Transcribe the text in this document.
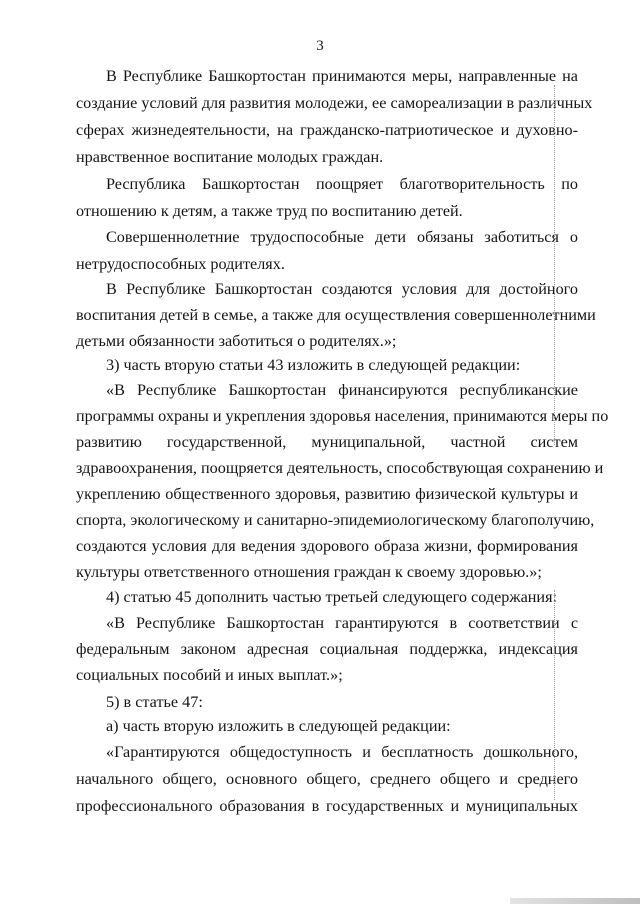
3
В Республике Башкортостан принимаются меры, направленные на
создание условий для развития молодежи, ее самореализации в различных
сферах жизнедеятельности, на гражданско-патриотическое и духовно-
нравственное воспитание молодых граждан.
Республика Башкортостан поощряет благотворительность по
отношению к детям, а также труд по воспитанию детей.
Совершеннолетние трудоспособные дети обязаны заботиться о
нетрудоспособных родителях.
В Республике Башкортостан создаются условия для достойного
воспитания детей в семье, а также для осуществления совершеннолетними
детьми обязанности заботиться о родителях.»;
3) часть вторую статьи 43 изложить в следующей редакции:
«В Республике Башкортостан финансируются республиканские
программы охраны и укрепления здоровья населения, принимаются меры по
развитию государственной, муниципальной, частной систем
здравоохранения, поощряется деятельность, способствующая сохранению и
укреплению общественного здоровья, развитию физической культуры и
спорта, экологическому и санитарно-эпидемиологическому благополучию,
создаются условия для ведения здорового образа жизни, формирования
культуры ответственного отношения граждан к своему здоровью.»;
4) статью 45 дополнить частью третьей следующего содержания:
«В Республике Башкортостан гарантируются в соответствии с
федеральным законом адресная социальная поддержка, индексация
социальных пособий и иных выплат.»;
5) в статье 47:
а) часть вторую изложить в следующей редакции:
«Гарантируются общедоступность и бесплатность дошкольного,
начального общего, основного общего, среднего общего и среднего
профессионального образования в государственных и муниципальных
